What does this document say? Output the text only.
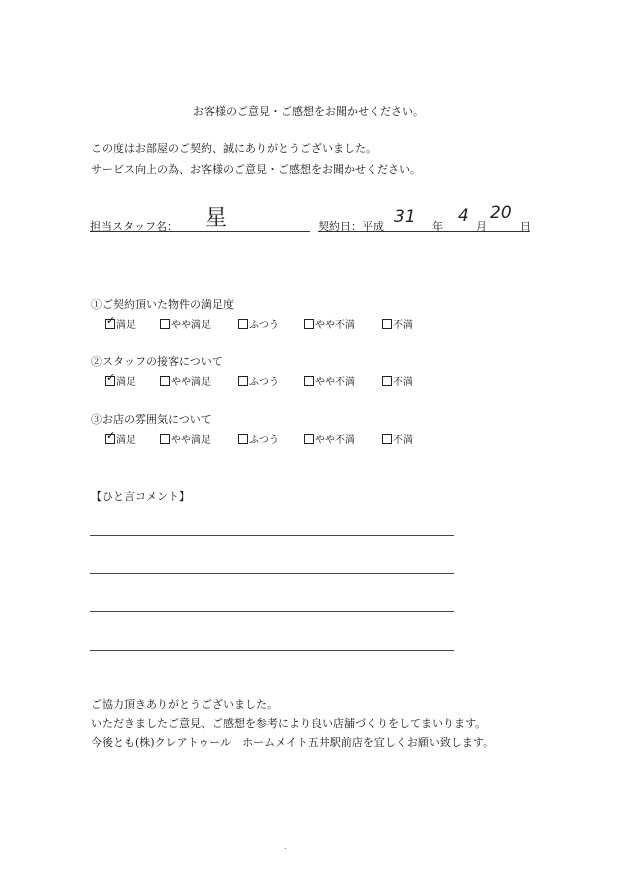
お客様のご意見・ご感想をお聞かせください。
この度はお部屋のご契約、誠にありがとうございました。
サービス向上の為、お客様のご意見・ご感想をお聞かせください。
担当スタッフ名：	星	契約日：平成 31 年
4
月
20
日
①ご契約頂いた物件の満足度
✓満足	やや満足	ふつう	やや不満	不満
②スタッフの接客について
✓満足	やや満足	ふつう	やや不満	不満
③お店の雰囲気について
✓満足	やや満足	ふつう	やや不満	不満
【ひと言コメント】
ご協力頂きありがとうございました。
いただきましたご意見、ご感想を参考により良い店舗づくりをしてまいります。
今後とも(株)クレアトゥール　ホームメイト五井駅前店を宜しくお願い致します。
